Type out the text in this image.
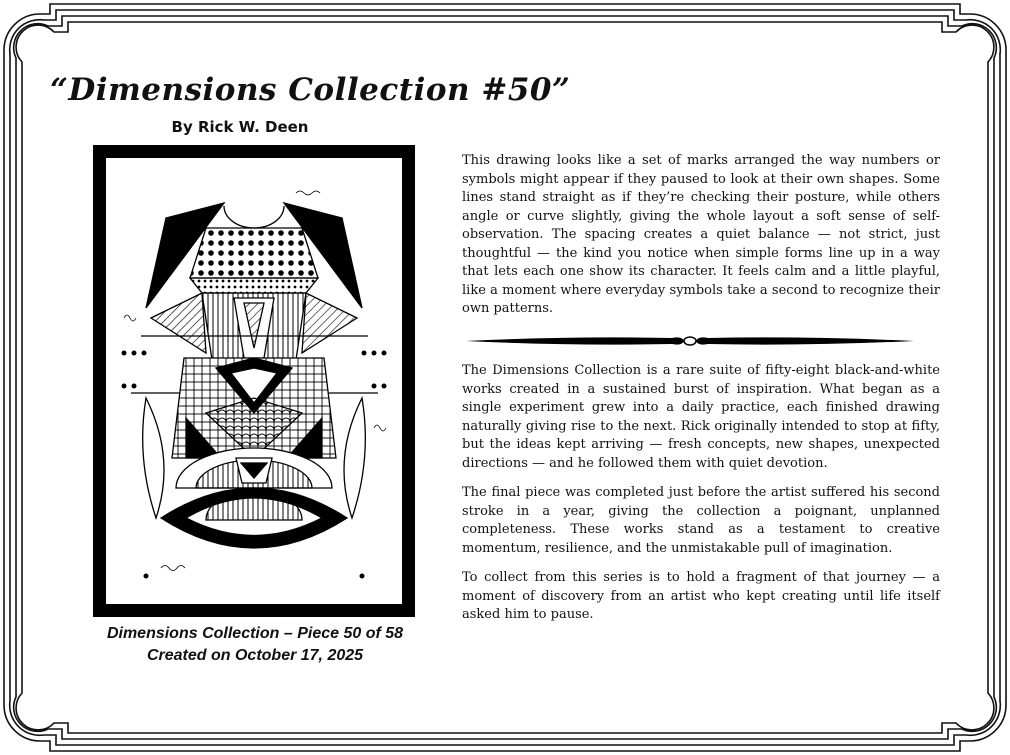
“Dimensions Collection #50”
By Rick W. Deen
Dimensions Collection – Piece 50 of 58
Created on October 17, 2025

This drawing looks like a set of marks arranged the way numbers or symbols might appear if they paused to look at their own shapes. Some lines stand straight as if they’re checking their posture, while others angle or curve slightly, giving the whole layout a soft sense of self-observation. The spacing creates a quiet balance — not strict, just thoughtful — the kind you notice when simple forms line up in a way that lets each one show its character. It feels calm and a little playful, like a moment where everyday symbols take a second to recognize their own patterns.

The Dimensions Collection is a rare suite of fifty-eight black-and-white works created in a sustained burst of inspiration. What began as a single experiment grew into a daily practice, each finished drawing naturally giving rise to the next. Rick originally intended to stop at fifty, but the ideas kept arriving — fresh concepts, new shapes, unexpected directions — and he followed them with quiet devotion.

The final piece was completed just before the artist suffered his second stroke in a year, giving the collection a poignant, unplanned completeness. These works stand as a testament to creative momentum, resilience, and the unmistakable pull of imagination.

To collect from this series is to hold a fragment of that journey — a moment of discovery from an artist who kept creating until life itself asked him to pause.
